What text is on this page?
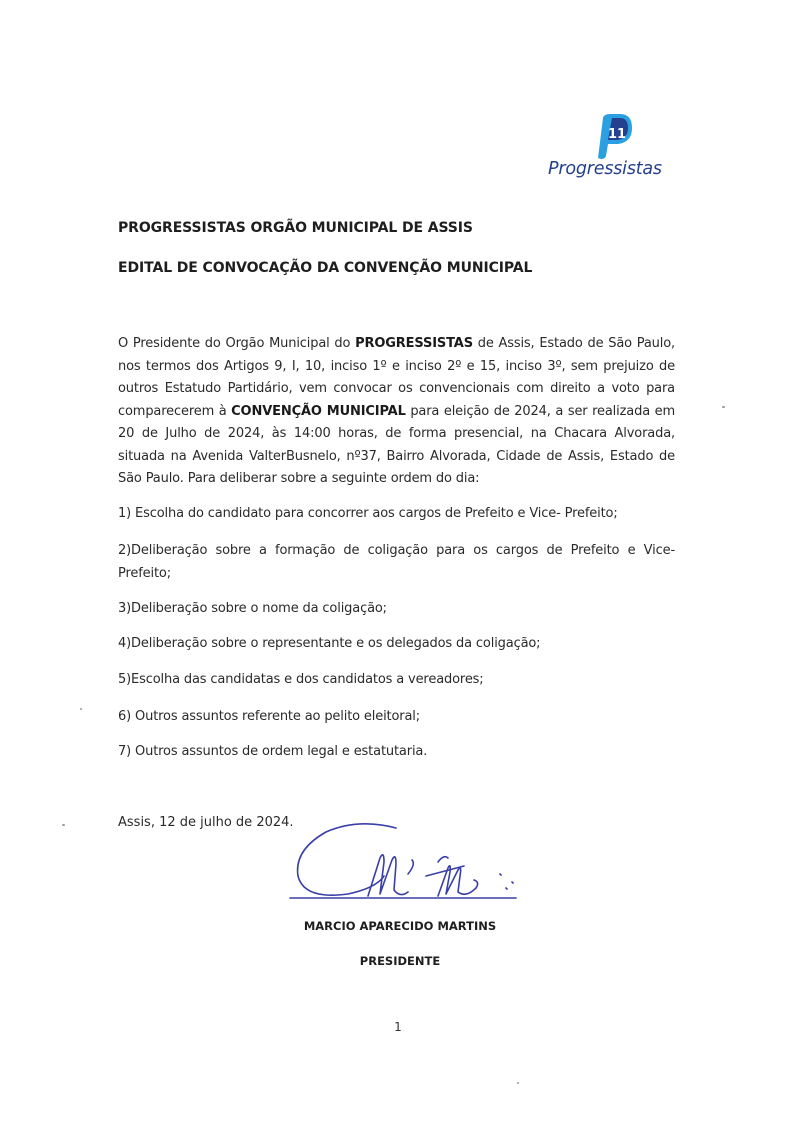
11
Progressistas
PROGRESSISTAS ORGÃO MUNICIPAL DE ASSIS
EDITAL DE CONVOCAÇÃO DA CONVENÇÃO MUNICIPAL

O Presidente do Orgão Municipal do PROGRESSISTAS de Assis, Estado de São Paulo, nos termos dos Artigos 9, I, 10, inciso 1º e inciso 2º e 15, inciso 3º, sem prejuizo de outros Estatudo Partidário, vem convocar os convencionais com direito a voto para comparecerem à CONVENÇÃO MUNICIPAL para eleição de 2024, a ser realizada em 20 de Julho de 2024, às 14:00 horas, de forma presencial, na Chacara Alvorada, situada na Avenida ValterBusnelo, nº37, Bairro Alvorada, Cidade de Assis, Estado de São Paulo. Para deliberar sobre a seguinte ordem do dia:

1) Escolha do candidato para concorrer aos cargos de Prefeito e Vice- Prefeito;
2)Deliberação sobre a formação de coligação para os cargos de Prefeito e Vice-Prefeito;
3)Deliberação sobre o nome da coligação;
4)Deliberação sobre o representante e os delegados da coligação;
5)Escolha das candidatas e dos candidatos a vereadores;
6) Outros assuntos referente ao pelito eleitoral;
7) Outros assuntos de ordem legal e estatutaria.
Assis, 12 de julho de 2024.
MARCIO APARECIDO MARTINS
PRESIDENTE
1
